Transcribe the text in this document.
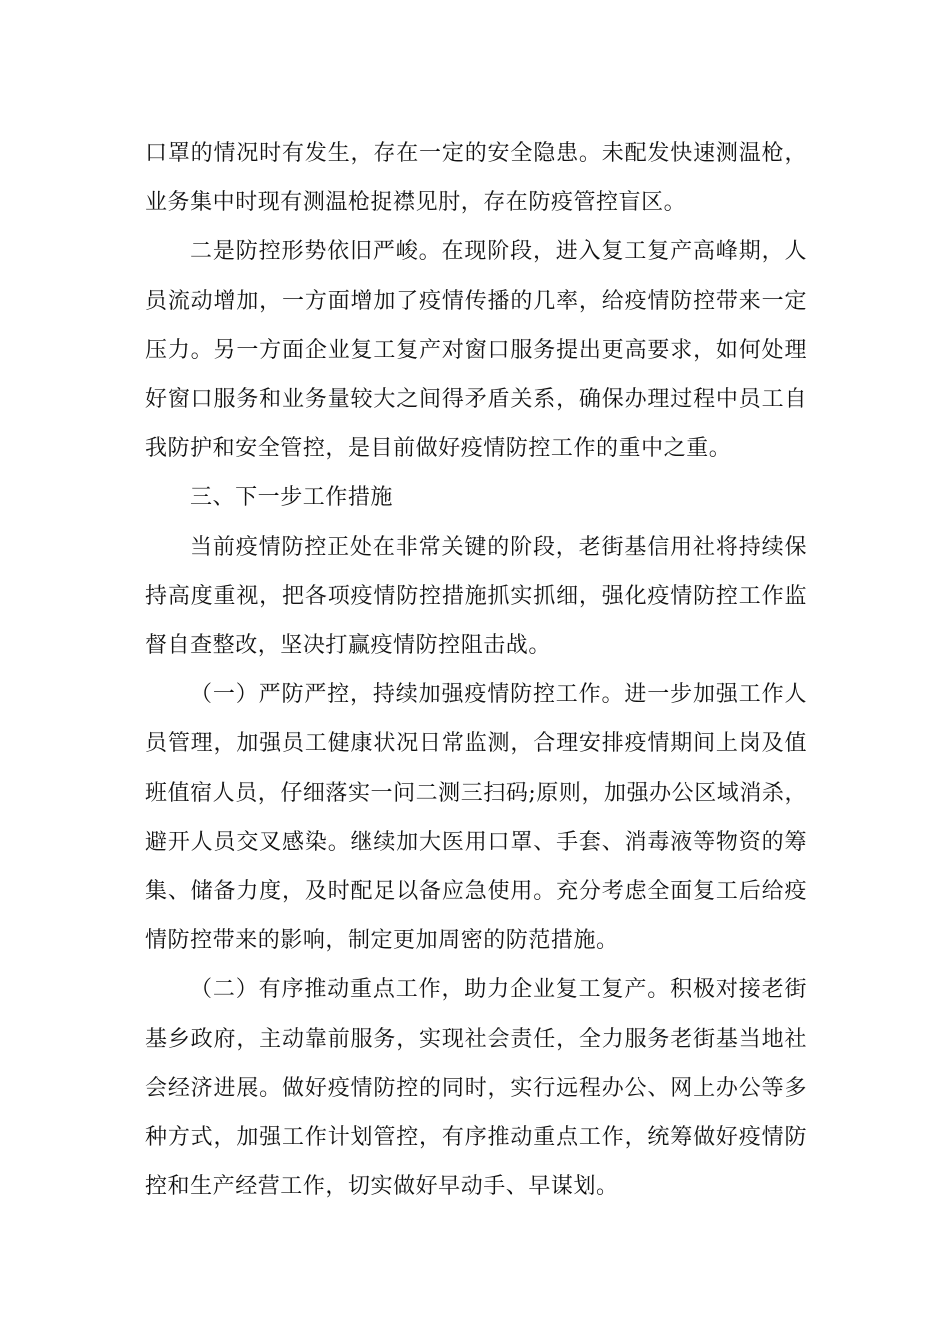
口罩的情况时有发生，存在一定的安全隐患。未配发快速测温枪，业务集中时现有测温枪捉襟见肘，存在防疫管控盲区。

二是防控形势依旧严峻。在现阶段，进入复工复产高峰期，人员流动增加，一方面增加了疫情传播的几率，给疫情防控带来一定压力。另一方面企业复工复产对窗口服务提出更高要求，如何处理好窗口服务和业务量较大之间得矛盾关系，确保办理过程中员工自我防护和安全管控，是目前做好疫情防控工作的重中之重。

三、下一步工作措施

当前疫情防控正处在非常关键的阶段，老街基信用社将持续保持高度重视，把各项疫情防控措施抓实抓细，强化疫情防控工作监督自查整改，坚决打赢疫情防控阻击战。

（一）严防严控，持续加强疫情防控工作。进一步加强工作人员管理，加强员工健康状况日常监测，合理安排疫情期间上岗及值班值宿人员，仔细落实一问二测三扫码;原则，加强办公区域消杀，避开人员交叉感染。继续加大医用口罩、手套、消毒液等物资的筹集、储备力度，及时配足以备应急使用。充分考虑全面复工后给疫情防控带来的影响，制定更加周密的防范措施。

（二）有序推动重点工作，助力企业复工复产。积极对接老街基乡政府，主动靠前服务，实现社会责任，全力服务老街基当地社会经济进展。做好疫情防控的同时，实行远程办公、网上办公等多种方式，加强工作计划管控，有序推动重点工作，统筹做好疫情防控和生产经营工作，切实做好早动手、早谋划。
